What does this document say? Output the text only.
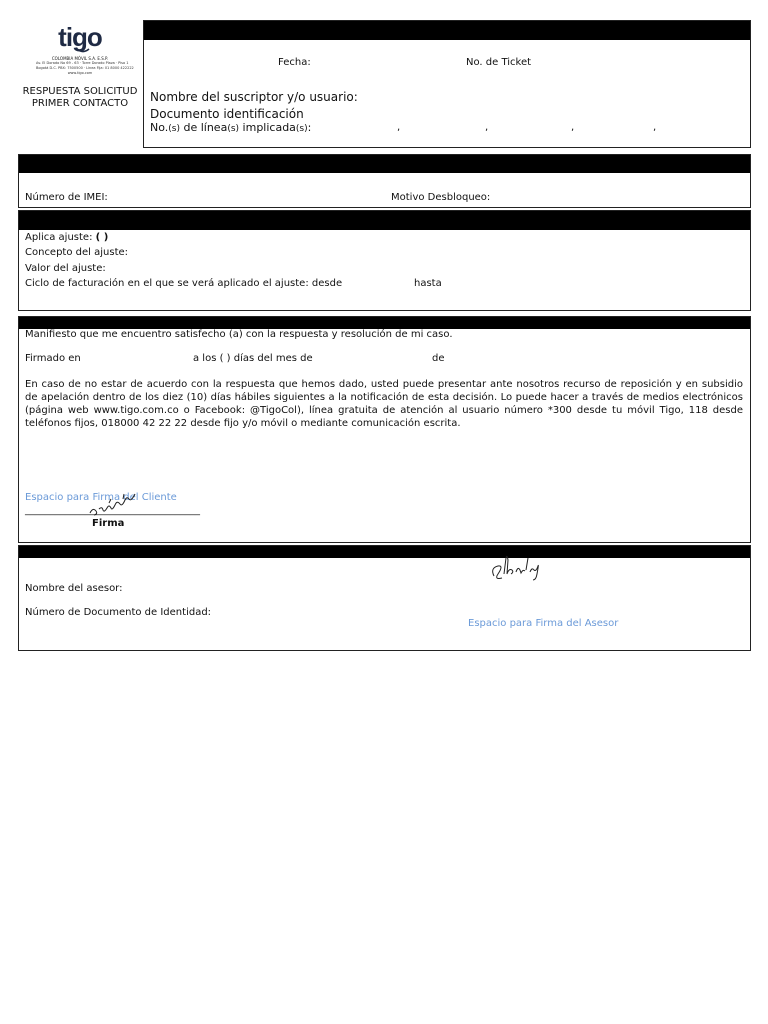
tigo
COLOMBIA MÓVIL S.A. E.S.P.
Av. El Dorado No 69 - 63 · Torre Dorado Plaza · Piso 1
Bogotá D.C. PBX: 7500500 · Línea Fija: 01 8000 422222
www.tigo.com
RESPUESTA SOLICITUD
PRIMER CONTACTO
Fecha:	No. de Ticket
Nombre del suscriptor y/o usuario:
Documento identificación
No.(s) de línea(s) implicada(s):	,	,	,	,
Número de IMEI:	Motivo Desbloqueo:
Aplica ajuste: ( )
Concepto del ajuste:
Valor del ajuste:
Ciclo de facturación en el que se verá aplicado el ajuste: desde	hasta
Manifiesto que me encuentro satisfecho (a) con la respuesta y resolución de mi caso.
Firmado en	a los ( ) días del mes de	de
En caso de no estar de acuerdo con la respuesta que hemos dado, usted puede presentar ante nosotros recurso de reposición y en subsidio de apelación dentro de los diez (10) días hábiles siguientes a la notificación de esta decisión. Lo puede hacer a través de medios electrónicos (página web www.tigo.com.co o Facebook: @TigoCol), línea gratuita de atención al usuario número *300 desde tu móvil Tigo, 118 desde teléfonos fijos, 018000 42 22 22 desde fijo y/o móvil o mediante comunicación escrita.
Espacio para Firma del Cliente
___________________________________
Firma
Nombre del asesor:
Número de Documento de Identidad:
Espacio para Firma del Asesor
